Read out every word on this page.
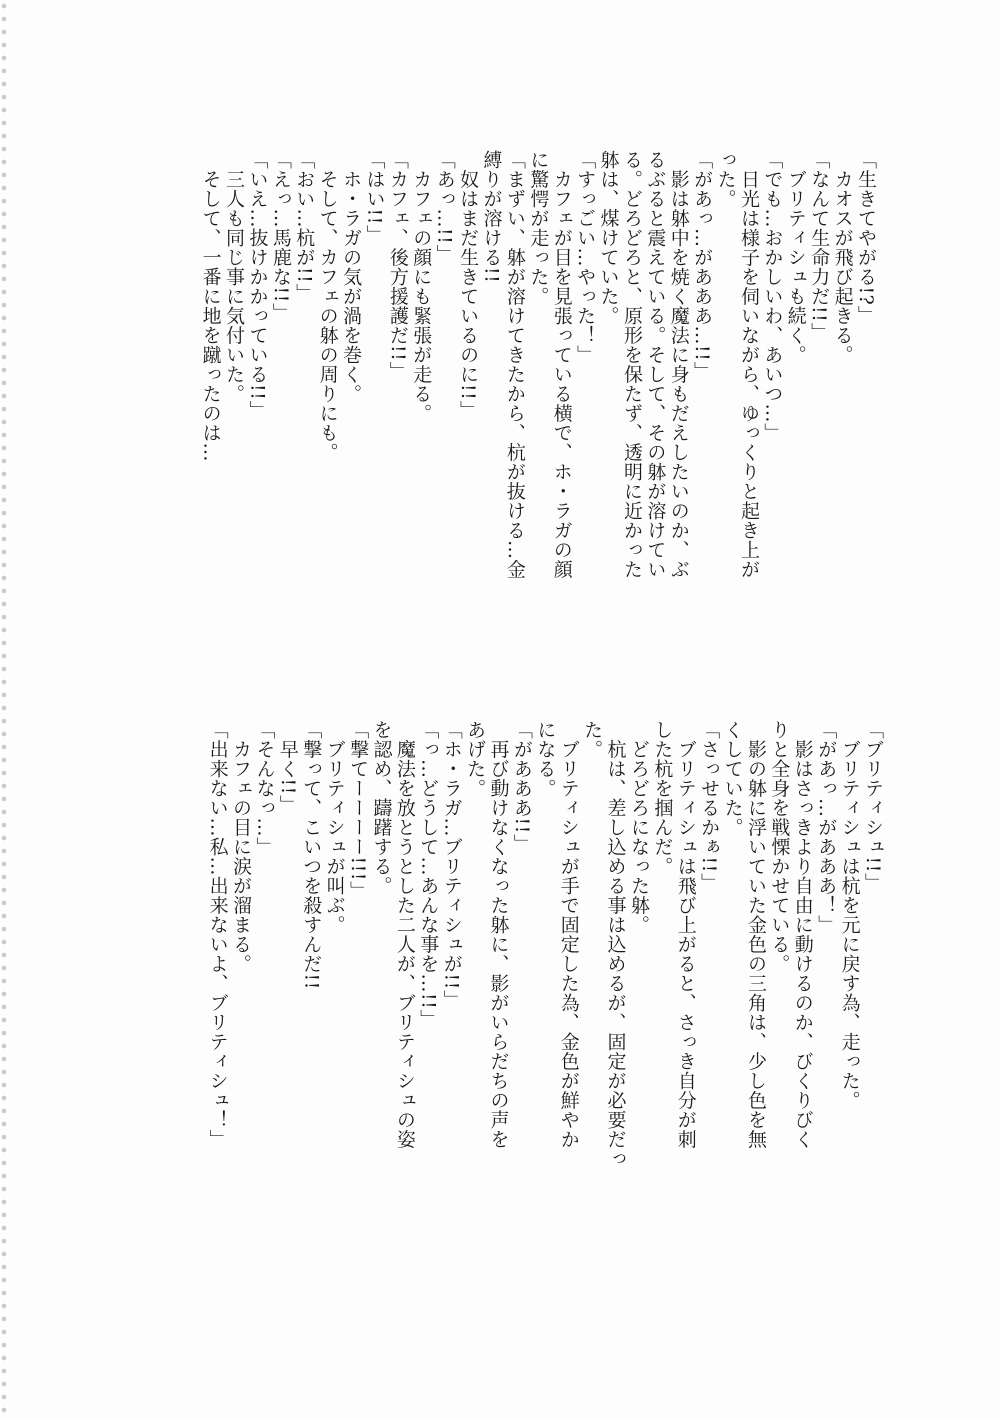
「生きてやがる!?」
　カオスが飛び起きる。
「なんて生命力だ!!」
　ブリティシュも続く。
「でも…おかしいわ、あいつ…」
　日光は様子を伺いながら、ゆっくりと起き上が
った。
「があっ…があああ…!!」
　影は躰中を焼く魔法に身もだえしたいのか、ぶ
るぶると震えている。そして、その躰が溶けてい
る。どろどろと、原形を保たず、透明に近かった
躰は、煤けていた。
「すっごい…やった！」
　カフェが目を見張っている横で、ホ・ラガの顔
に驚愕が走った。
「まずい、躰が溶けてきたから、杭が抜ける…金
縛りが溶ける!!
　奴はまだ生きているのに!!」
「あっ…!!」
　カフェの顔にも緊張が走る。
「カフェ、後方援護だ!!」
「はい!!」
　ホ・ラガの気が渦を巻く。
　そして、カフェの躰の周りにも。
「おい…杭が!!」
「えっ…馬鹿な!!」
「いえ…抜けかかっている!!」
　三人も同じ事に気付いた。
　そして、一番に地を蹴ったのは…
「ブリティシュ!!」
　ブリティシュは杭を元に戻す為、走った。
「があっ…があああ！」
　影はさっきより自由に動けるのか、びくりびく
りと全身を戦慄かせている。
　影の躰に浮いていた金色の三角は、少し色を無
くしていた。
「さっせるかぁ!!」
　ブリティシュは飛び上がると、さっき自分が刺
した杭を掴んだ。
　どろどろになった躰。
　杭は、差し込める事は込めるが、固定が必要だっ
た。
　ブリティシュが手で固定した為、金色が鮮やか
になる。
「があああ!!」
　再び動けなくなった躰に、影がいらだちの声を
あげた。
「ホ・ラガ…ブリティシュが!!」
「っ…どうして…あんな事を…!!」
　魔法を放とうとした二人が、ブリティシュの姿
を認め、躊躇する。
「撃てーーーー!!!」
　ブリティシュが叫ぶ。
「撃って、こいつを殺すんだ!!
　早く!!」
「そんなっ…」
　カフェの目に涙が溜まる。
「出来ない…私…出来ないよ、ブリティシュ！」
